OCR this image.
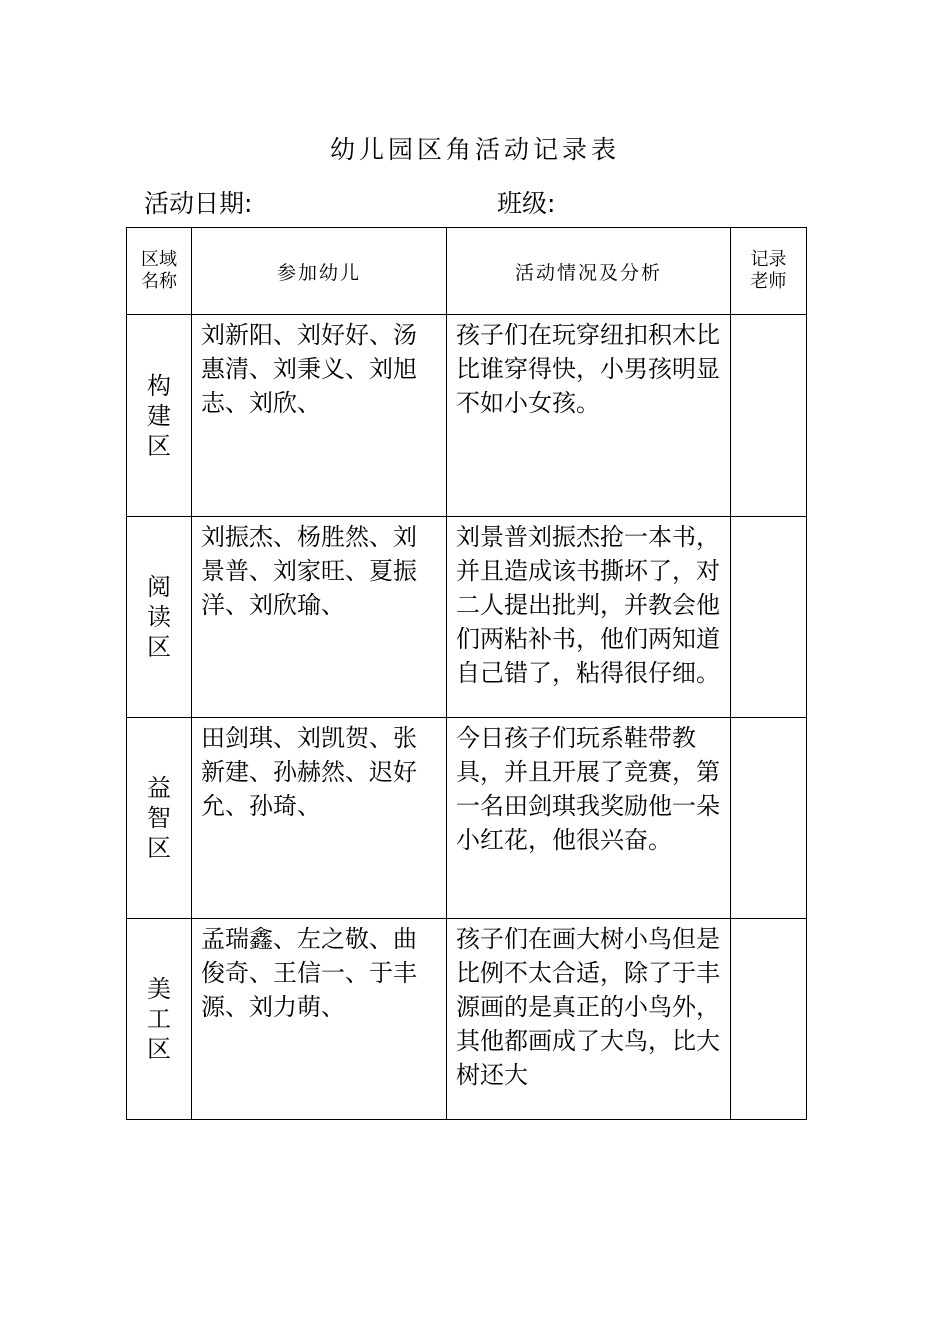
幼儿园区角活动记录表
活动日期:	班级:
区域名称	参加幼儿	活动情况及分析	记录老师

构建区	刘新阳、刘好好、汤惠清、刘秉义、刘旭志、刘欣、	孩子们在玩穿纽扣积木比比谁穿得快，小男孩明显不如小女孩。	

阅读区	刘振杰、杨胜然、刘景普、刘家旺、夏振洋、刘欣瑜、	刘景普刘振杰抢一本书，并且造成该书撕坏了，对二人提出批判，并教会他们两粘补书，他们两知道自己错了，粘得很仔细。	

益智区	田剑琪、刘凯贺、张新建、孙赫然、迟好允、孙琦、	今日孩子们玩系鞋带教具，并且开展了竞赛，第一名田剑琪我奖励他一朵小红花，他很兴奋。	

美工区	孟瑞鑫、左之敬、曲俊奇、王信一、于丰源、刘力萌、	孩子们在画大树小鸟但是比例不太合适，除了于丰源画的是真正的小鸟外，其他都画成了大鸟，比大树还大	
